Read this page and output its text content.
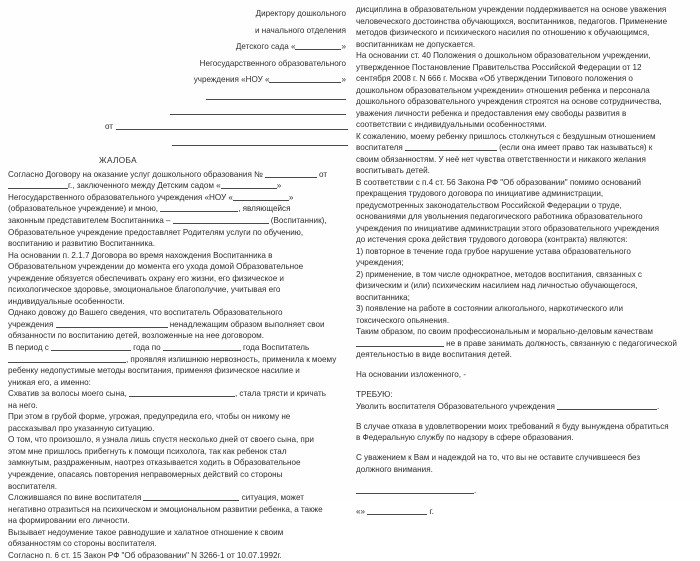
Директору дошкольного
и начального отделения
Детского сада «	»
Негосударственного образовательного
учреждения «НОУ «	»
от
ЖАЛОБА

Согласно Договору на оказание услуг дошкольного образования №	от
г., заключенного между Детским садом «	»
Негосударственного образовательного учреждения «НОУ «	»
(образовательное учреждение) и мною,	, являющейся
законным представителем Воспитанника –	(Воспитанник),
Образовательное учреждение предоставляет Родителям услуги по обучению,
воспитанию и развитию Воспитанника.

На основании п. 2.1.7 Договора во время нахождения Воспитанника в
Образовательном учреждении до момента его ухода домой Образовательное
учреждение обязуется обеспечивать охрану его жизни, его физическое и
психологическое здоровье, эмоциональное благополучие, учитывая его
индивидуальные особенности.

Однако довожу до Вашего сведения, что воспитатель Образовательного
учреждения	ненадлежащим образом выполняет свои
обязанности по воспитанию детей, возложенные на нее договором.

В период с	года по	года Воспитатель
, проявляя излишнюю нервозность, применила к моему
ребенку недопустимые методы воспитания, применяя физическое насилие и
унижая его, а именно:

Схватив за волосы моего сына,	, стала трясти и кричать
на него.

При этом в грубой форме, угрожая, предупредила его, чтобы он никому не
рассказывал про указанную ситуацию.

О том, что произошло, я узнала лишь спустя несколько дней от своего сына, при
этом мне пришлось прибегнуть к помощи психолога, так как ребенок стал
замкнутым, раздраженным, наотрез отказывается ходить в Образовательное
учреждение, опасаясь повторения неправомерных действий со стороны
воспитателя.

Сложившаяся по вине воспитателя	ситуация, может
негативно отразиться на психическом и эмоциональном развитии ребенка, а также
на формировании его личности.

Вызывает недоумение такое равнодушие и халатное отношение к своим
обязанностям со стороны воспитателя.

Согласно п. 6 ст. 15 Закон РФ "Об образовании" N 3266-1 от 10.07.1992г.

дисциплина в образовательном учреждении поддерживается на основе уважения
человеческого достоинства обучающихся, воспитанников, педагогов. Применение
методов физического и психического насилия по отношению к обучающимся,
воспитанникам не допускается.

На основании ст. 40 Положения о дошкольном образовательном учреждении,
утвержденное Постановление Правительства Российской Федерации от 12
сентября 2008 г. N 666 г. Москва «Об утверждении Типового положения о
дошкольном образовательном учреждении» отношения ребенка и персонала
дошкольного образовательного учреждения строятся на основе сотрудничества,
уважения личности ребенка и предоставления ему свободы развития в
соответствии с индивидуальными особенностями.

К сожалению, моему ребенку пришлось столкнуться с бездушным отношением
воспитателя	(если она имеет право так называться) к
своим обязанностям. У неё нет чувства ответственности и никакого желания
воспитывать детей.

В соответствии с п.4 ст. 56 Закона РФ "Об образовании" помимо оснований
прекращения трудового договора по инициативе администрации,
предусмотренных законодательством Российской Федерации о труде,
основаниями для увольнения педагогического работника образовательного
учреждения по инициативе администрации этого образовательного учреждения
до истечения срока действия трудового договора (контракта) являются:

1) повторное в течение года грубое нарушение устава образовательного
учреждения;

2) применение, в том числе однократное, методов воспитания, связанных с
физическим и (или) психическим насилием над личностью обучающегося,
воспитанника;

3) появление на работе в состоянии алкогольного, наркотического или
токсического опьянения.

Таким образом, по своим профессиональным и морально-деловым качествам
не в праве занимать должность, связанную с педагогической
деятельностью в виде воспитания детей.

На основании изложенного, -

ТРЕБУЮ:

Уволить воспитателя Образовательного учреждения	.

В случае отказа в удовлетворении моих требований я буду вынуждена обратиться
в Федеральную службу по надзору в сфере образования.

С уважением к Вам и надеждой на то, что вы не оставите случившееся без
должного внимания.

.
«»	г.
